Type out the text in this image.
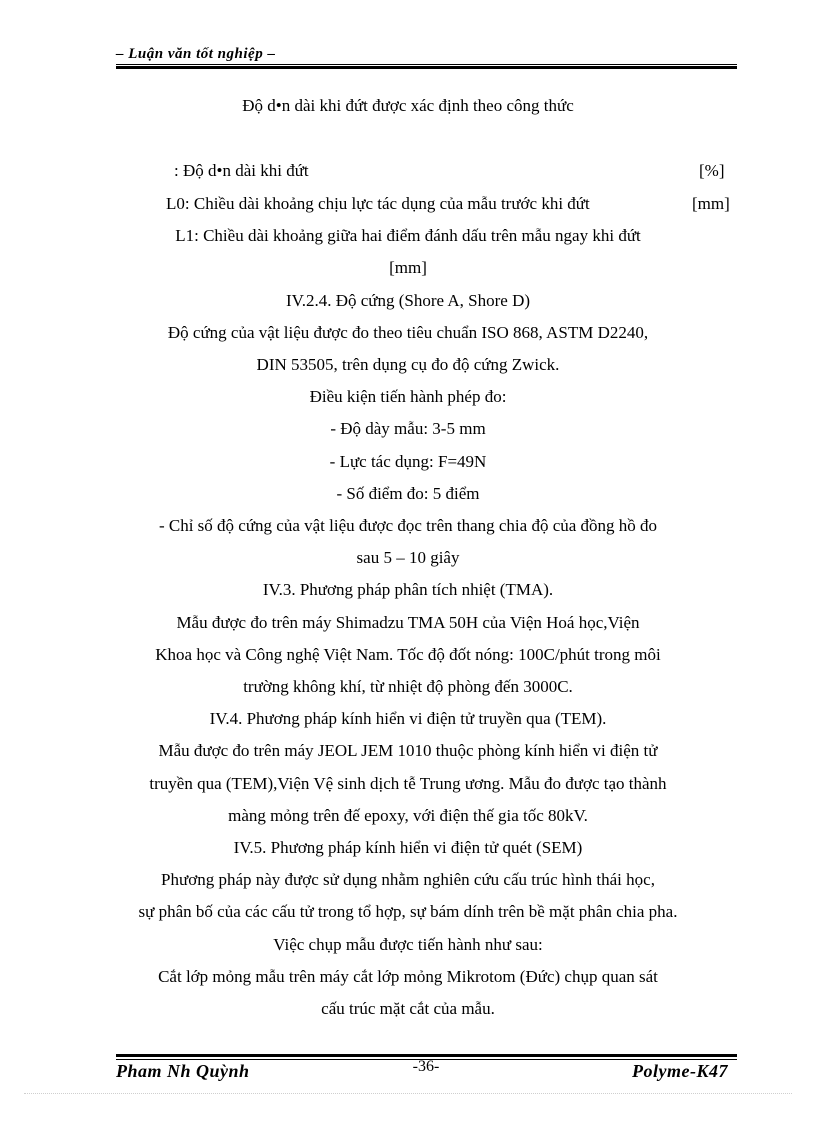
– Luận văn tốt nghiệp –
Độ d•n dài khi đứt được xác định theo công thức
: Độ d•n dài khi đứt	[%]
L0: Chiều dài khoảng chịu lực tác dụng của mẫu trước khi đứt	[mm]
L1: Chiều dài khoảng giữa hai điểm đánh dấu trên mẫu ngay khi đứt
[mm]
IV.2.4. Độ cứng (Shore A, Shore D)
Độ cứng của vật liệu được đo theo tiêu chuẩn ISO 868, ASTM D2240,
DIN 53505, trên dụng cụ đo độ cứng Zwick.
Điều kiện tiến hành phép đo:
- Độ dày mẫu: 3-5 mm
- Lực tác dụng: F=49N
- Số điểm đo: 5 điểm
- Chỉ số độ cứng của vật liệu được đọc trên thang chia độ của đồng hồ đo
sau 5 – 10 giây
IV.3. Phương pháp phân tích nhiệt (TMA).
Mẫu được đo trên máy Shimadzu TMA 50H của Viện Hoá học,Viện
Khoa học và Công nghệ Việt Nam. Tốc độ đốt nóng: 100C/phút trong môi
trường không khí, từ nhiệt độ phòng đến 3000C.
IV.4. Phương pháp kính hiển vi điện tử truyền qua (TEM).
Mẫu được đo trên máy JEOL JEM 1010 thuộc phòng kính hiển vi điện tử
truyền qua (TEM),Viện Vệ sinh dịch tễ Trung ương. Mẫu đo được tạo thành
màng mỏng trên đế epoxy, với điện thế gia tốc 80kV.
IV.5. Phương pháp kính hiển vi điện tử quét (SEM)
Phương pháp này được sử dụng nhằm nghiên cứu cấu trúc hình thái học,
sự phân bố của các cấu tử trong tổ hợp, sự bám dính trên bề mặt phân chia pha.
Việc chụp mẫu được tiến hành như sau:
Cắt lớp mỏng mẫu trên máy cắt lớp mỏng Mikrotom (Đức) chụp quan sát
cấu trúc mặt cắt của mẫu.
Pham Nh Quỳnh	-36-	Polyme-K47
